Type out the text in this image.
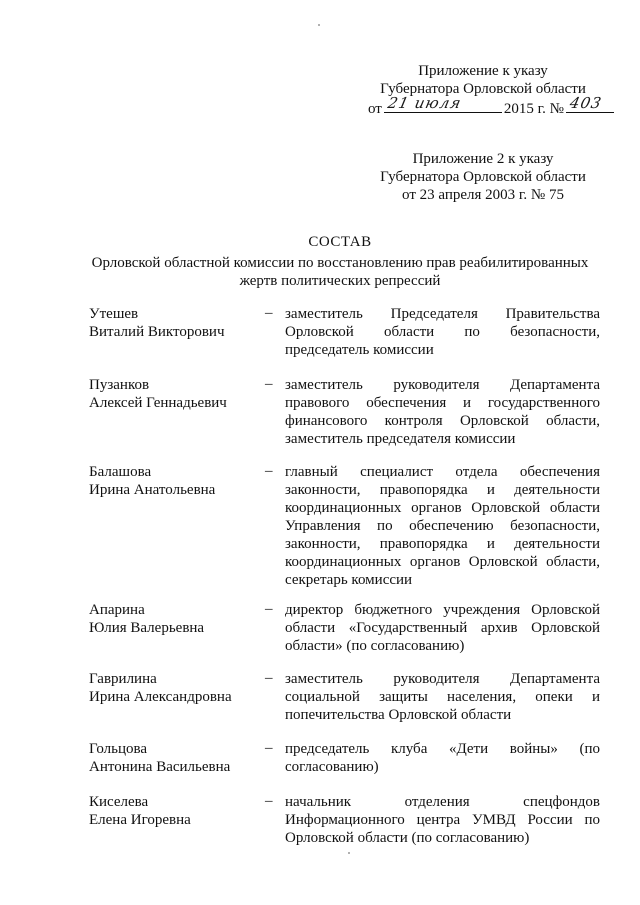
Приложение к указу
Губернатора Орловской области
от 21 июля	2015 г. № 403
Приложение 2 к указу
Губернатора Орловской области
от 23 апреля 2003 г. № 75
СОСТАВ
Орловской областной комиссии по восстановлению прав реабилитированных
жертв политических репрессий
Утешев
Виталий Викторович
– заместитель Председателя Правительства Орловской области по безопасности, председатель комиссии
Пузанков
Алексей Геннадьевич
– заместитель руководителя Департамента правового обеспечения и государственного финансового контроля Орловской области, заместитель председателя комиссии
Балашова
Ирина Анатольевна
– главный специалист отдела обеспечения законности, правопорядка и деятельности координационных органов Орловской области Управления по обеспечению безопасности, законности, правопорядка и деятельности координационных органов Орловской области, секретарь комиссии
Апарина
Юлия Валерьевна
– директор бюджетного учреждения Орловской области «Государственный архив Орловской области» (по согласованию)
Гаврилина
Ирина Александровна
– заместитель руководителя Департамента социальной защиты населения, опеки и попечительства Орловской области
Гольцова
Антонина Васильевна
– председатель клуба «Дети войны» (по согласованию)
Киселева
Елена Игоревна
– начальник отделения спецфондов Информационного центра УМВД России по Орловской области (по согласованию)
